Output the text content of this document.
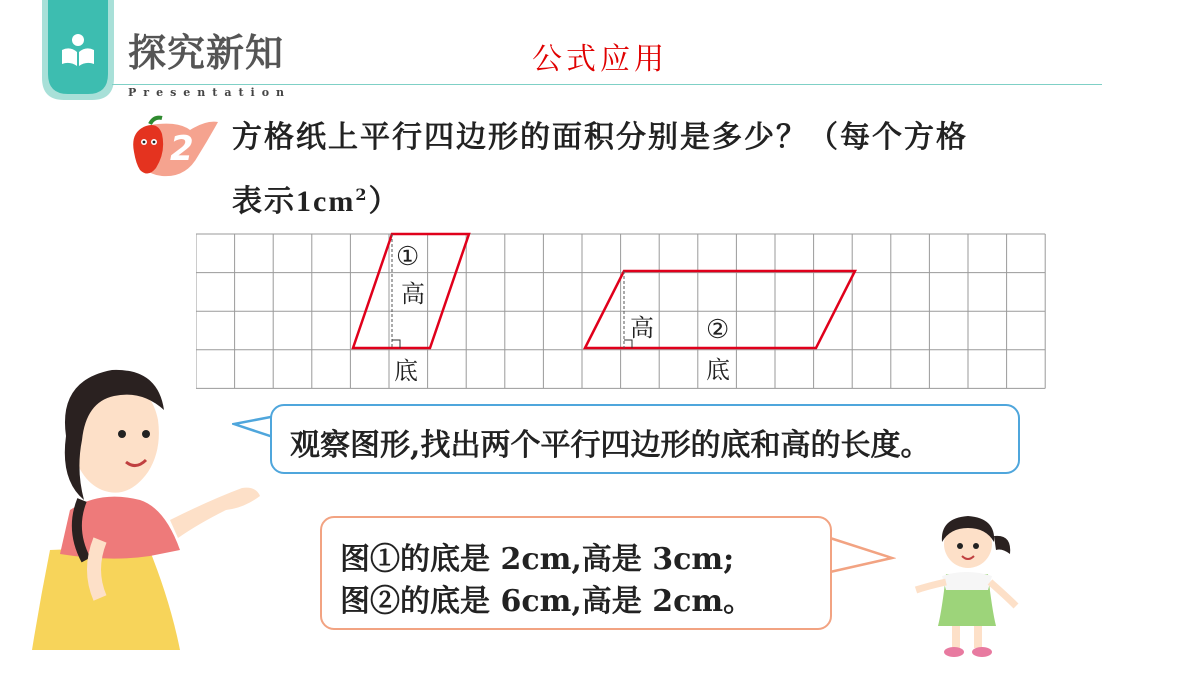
探究新知
Presentation
公式应用
2 方格纸上平行四边形的面积分别是多少？（每个方格
表示$1cm^2$）
①
高
底
高 ②
底
观察图形,找出两个平行四边形的底和高的长度。
图①的底是 2cm,高是 3cm;
图②的底是 6cm,高是 2cm。
